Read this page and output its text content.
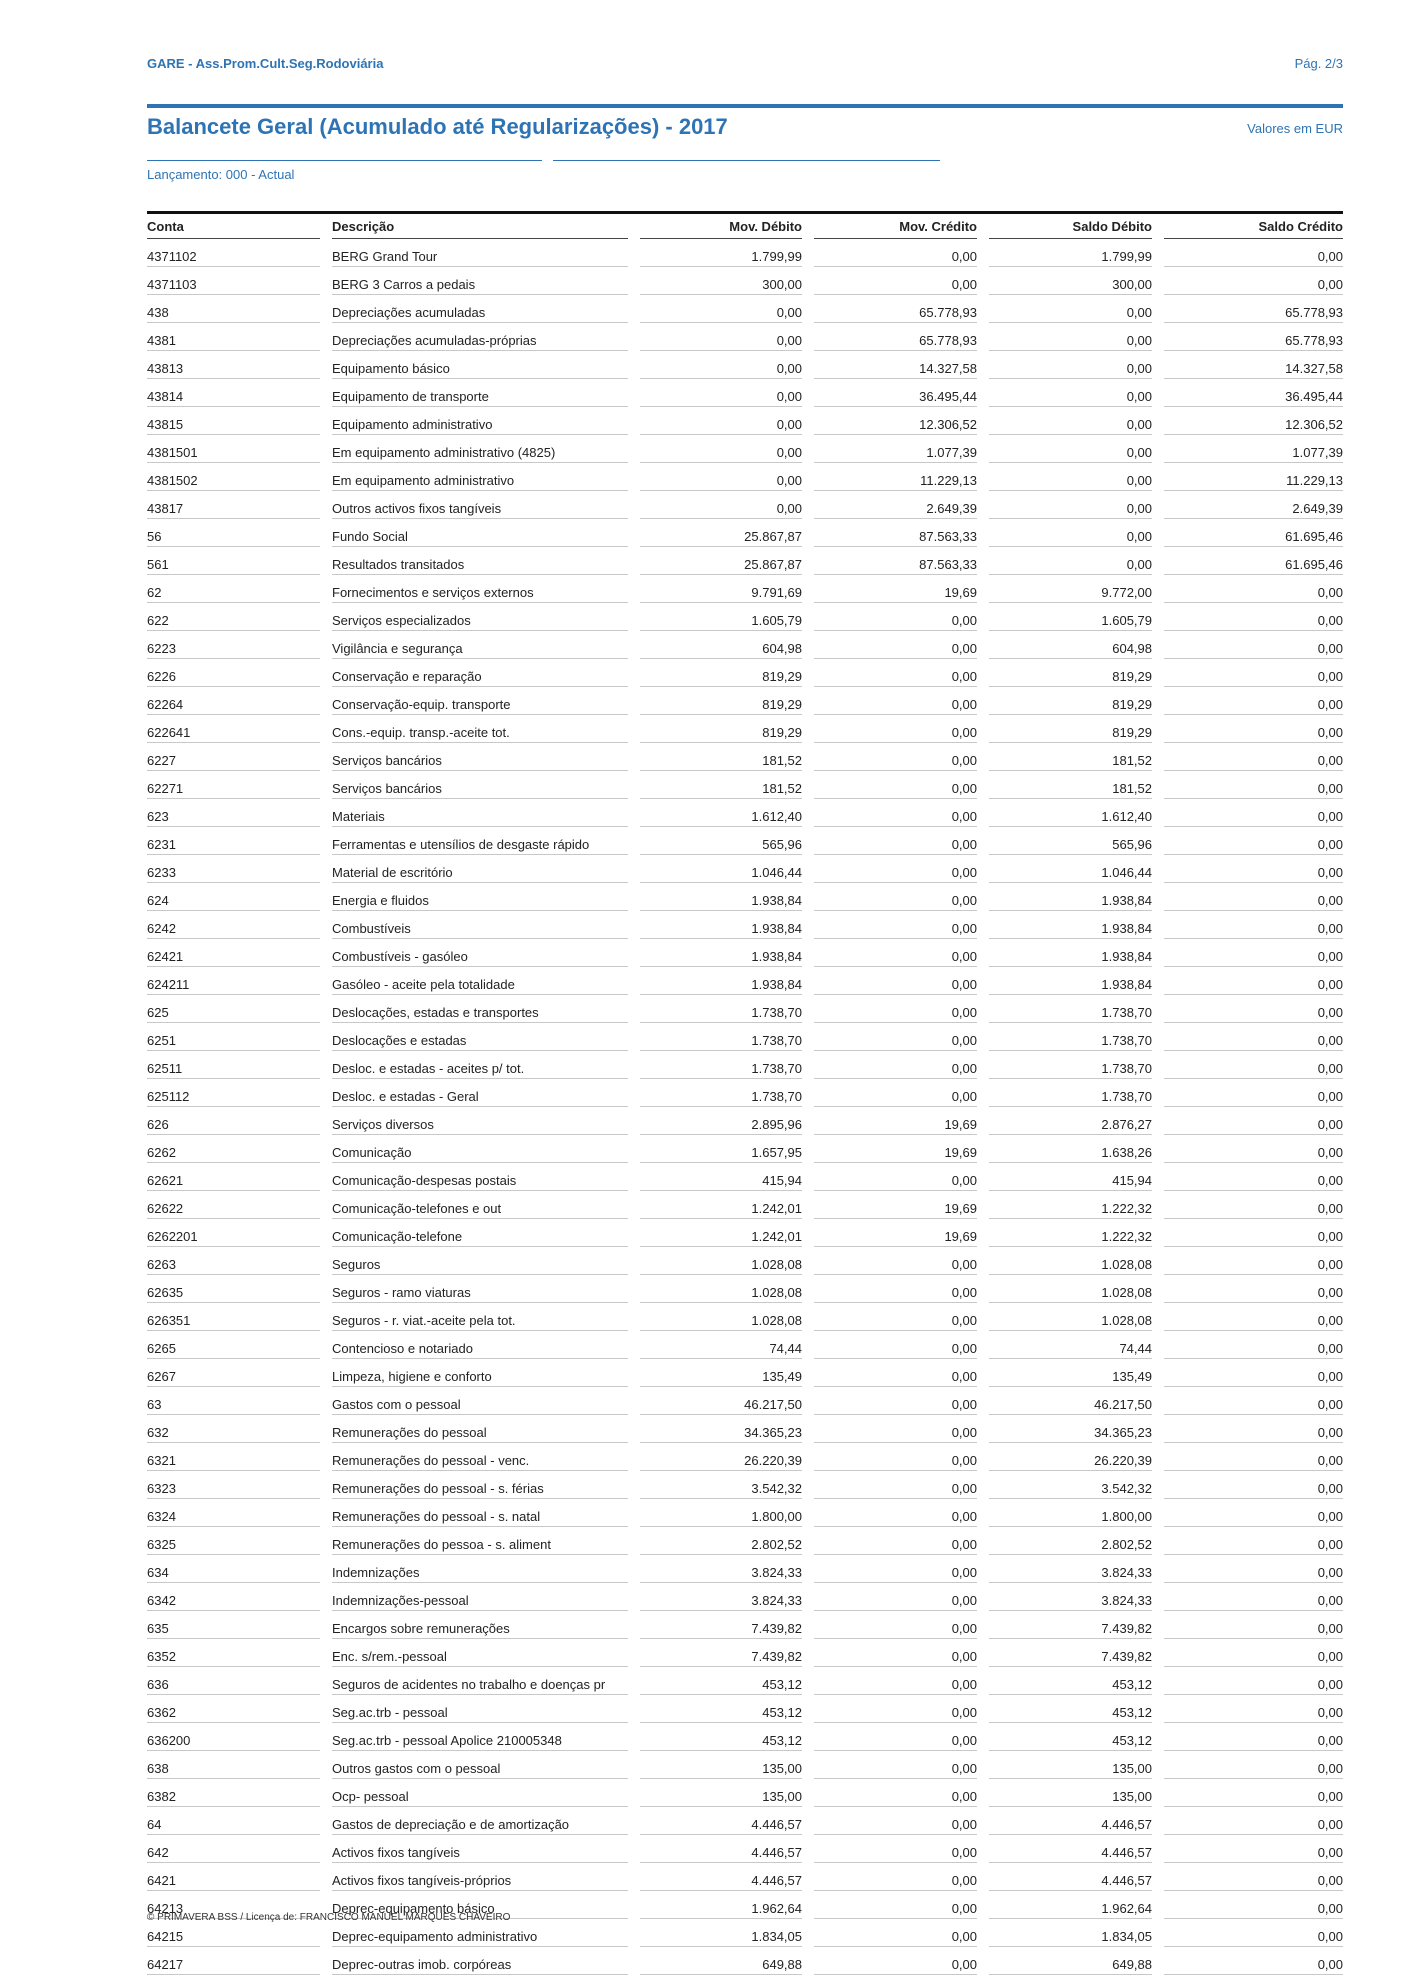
GARE - Ass.Prom.Cult.Seg.Rodoviária	Pág. 2/3
Balancete Geral (Acumulado até Regularizações) - 2017	Valores em EUR
Lançamento: 000 - Actual
Conta		Descrição		Mov. Débito		Mov. Crédito		Saldo Débito		Saldo Crédito
4371102		BERG Grand Tour		1.799,99		0,00		1.799,99		0,00
4371103		BERG 3 Carros a pedais		300,00		0,00		300,00		0,00
438		Depreciações acumuladas		0,00		65.778,93		0,00		65.778,93
4381		Depreciações acumuladas-próprias		0,00		65.778,93		0,00		65.778,93
43813		Equipamento básico		0,00		14.327,58		0,00		14.327,58
43814		Equipamento de transporte		0,00		36.495,44		0,00		36.495,44
43815		Equipamento administrativo		0,00		12.306,52		0,00		12.306,52
4381501		Em equipamento administrativo (4825)		0,00		1.077,39		0,00		1.077,39
4381502		Em equipamento administrativo		0,00		11.229,13		0,00		11.229,13
43817		Outros activos fixos tangíveis		0,00		2.649,39		0,00		2.649,39
56		Fundo Social		25.867,87		87.563,33		0,00		61.695,46
561		Resultados transitados		25.867,87		87.563,33		0,00		61.695,46
62		Fornecimentos e serviços externos		9.791,69		19,69		9.772,00		0,00
622		Serviços especializados		1.605,79		0,00		1.605,79		0,00
6223		Vigilância e segurança		604,98		0,00		604,98		0,00
6226		Conservação e reparação		819,29		0,00		819,29		0,00
62264		Conservação-equip. transporte		819,29		0,00		819,29		0,00
622641		Cons.-equip. transp.-aceite tot.		819,29		0,00		819,29		0,00
6227		Serviços bancários		181,52		0,00		181,52		0,00
62271		Serviços bancários		181,52		0,00		181,52		0,00
623		Materiais		1.612,40		0,00		1.612,40		0,00
6231		Ferramentas e utensílios de desgaste rápido		565,96		0,00		565,96		0,00
6233		Material de escritório		1.046,44		0,00		1.046,44		0,00
624		Energia e fluidos		1.938,84		0,00		1.938,84		0,00
6242		Combustíveis		1.938,84		0,00		1.938,84		0,00
62421		Combustíveis - gasóleo		1.938,84		0,00		1.938,84		0,00
624211		Gasóleo - aceite pela totalidade		1.938,84		0,00		1.938,84		0,00
625		Deslocações, estadas e transportes		1.738,70		0,00		1.738,70		0,00
6251		Deslocações e estadas		1.738,70		0,00		1.738,70		0,00
62511		Desloc. e estadas - aceites p/ tot.		1.738,70		0,00		1.738,70		0,00
625112		Desloc. e estadas - Geral		1.738,70		0,00		1.738,70		0,00
626		Serviços diversos		2.895,96		19,69		2.876,27		0,00
6262		Comunicação		1.657,95		19,69		1.638,26		0,00
62621		Comunicação-despesas postais		415,94		0,00		415,94		0,00
62622		Comunicação-telefones e out		1.242,01		19,69		1.222,32		0,00
6262201		Comunicação-telefone		1.242,01		19,69		1.222,32		0,00
6263		Seguros		1.028,08		0,00		1.028,08		0,00
62635		Seguros - ramo viaturas		1.028,08		0,00		1.028,08		0,00
626351		Seguros - r. viat.-aceite pela tot.		1.028,08		0,00		1.028,08		0,00
6265		Contencioso e notariado		74,44		0,00		74,44		0,00
6267		Limpeza, higiene e conforto		135,49		0,00		135,49		0,00
63		Gastos com o pessoal		46.217,50		0,00		46.217,50		0,00
632		Remunerações do pessoal		34.365,23		0,00		34.365,23		0,00
6321		Remunerações do pessoal - venc.		26.220,39		0,00		26.220,39		0,00
6323		Remunerações do pessoal - s. férias		3.542,32		0,00		3.542,32		0,00
6324		Remunerações do pessoal - s. natal		1.800,00		0,00		1.800,00		0,00
6325		Remunerações do pessoa - s. aliment		2.802,52		0,00		2.802,52		0,00
634		Indemnizações		3.824,33		0,00		3.824,33		0,00
6342		Indemnizações-pessoal		3.824,33		0,00		3.824,33		0,00
635		Encargos sobre remunerações		7.439,82		0,00		7.439,82		0,00
6352		Enc. s/rem.-pessoal		7.439,82		0,00		7.439,82		0,00
636		Seguros de acidentes no trabalho e doenças pr		453,12		0,00		453,12		0,00
6362		Seg.ac.trb - pessoal		453,12		0,00		453,12		0,00
636200		Seg.ac.trb - pessoal Apolice 210005348		453,12		0,00		453,12		0,00
638		Outros gastos com o pessoal		135,00		0,00		135,00		0,00
6382		Ocp- pessoal		135,00		0,00		135,00		0,00
64		Gastos de depreciação e de amortização		4.446,57		0,00		4.446,57		0,00
642		Activos fixos tangíveis		4.446,57		0,00		4.446,57		0,00
6421		Activos fixos tangíveis-próprios		4.446,57		0,00		4.446,57		0,00
64213		Deprec-equipamento básico		1.962,64		0,00		1.962,64		0,00
64215		Deprec-equipamento administrativo		1.834,05		0,00		1.834,05		0,00
64217		Deprec-outras imob. corpóreas		649,88		0,00		649,88		0,00
© PRIMAVERA BSS / Licença de: FRANCISCO MANUEL MARQUES CHAVEIRO
